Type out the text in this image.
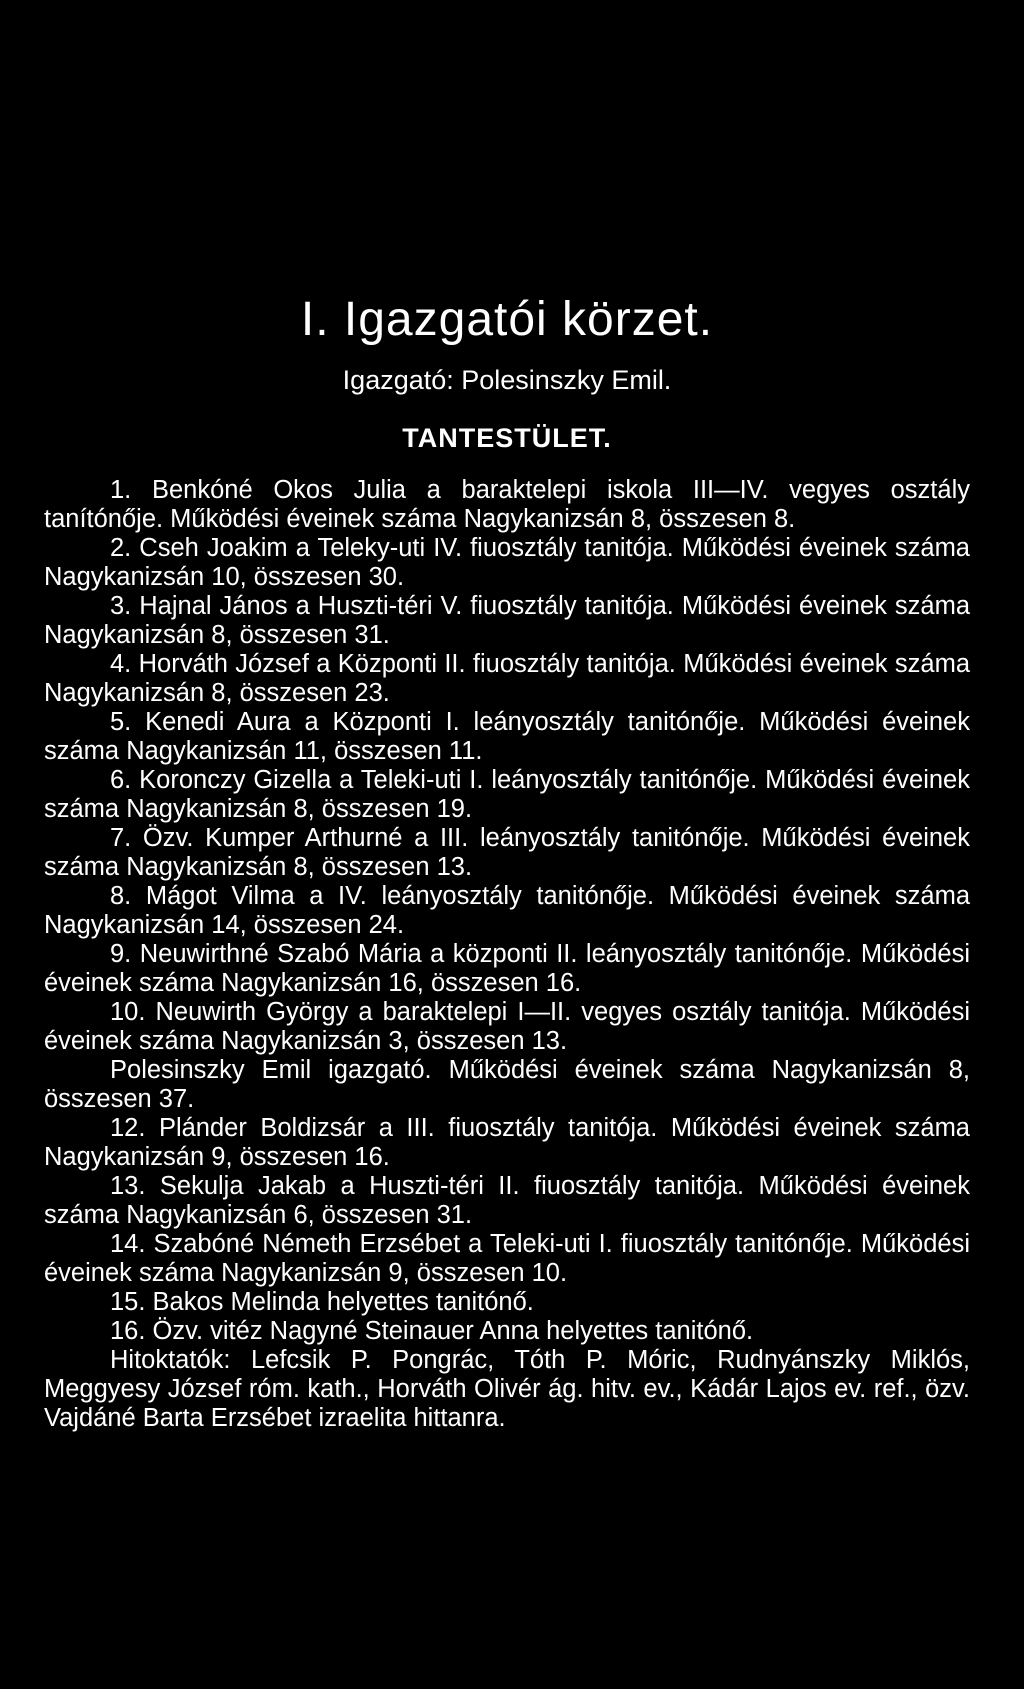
I. Igazgatói körzet.
Igazgató: Polesinszky Emil.
TANTESTÜLET.

1. Benkóné Okos Julia a baraktelepi iskola III—IV. vegyes osztály tanítónője. Működési éveinek száma Nagykanizsán 8, összesen 8.

2. Cseh Joakim a Teleky-uti IV. fiuosztály tanitója. Működési éveinek száma Nagykanizsán 10, összesen 30.

3. Hajnal János a Huszti-téri V. fiuosztály tanitója. Működési éveinek száma Nagykanizsán 8, összesen 31.

4. Horváth József a Központi II. fiuosztály tanitója. Működési éveinek száma Nagykanizsán 8, összesen 23.

5. Kenedi Aura a Központi I. leányosztály tanitónője. Működési éveinek száma Nagykanizsán 11, összesen 11.

6. Koronczy Gizella a Teleki-uti I. leányosztály tanitónője. Működési éveinek száma Nagykanizsán 8, összesen 19.

7. Özv. Kumper Arthurné a III. leányosztály tanitónője. Működési éveinek száma Nagykanizsán 8, összesen 13.

8. Mágot Vilma a IV. leányosztály tanitónője. Működési éveinek száma Nagykanizsán 14, összesen 24.

9. Neuwirthné Szabó Mária a központi II. leányosztály tanitónője. Működési éveinek száma Nagykanizsán 16, összesen 16.

10. Neuwirth György a baraktelepi I—II. vegyes osztály tanitója. Működési éveinek száma Nagykanizsán 3, összesen 13.

Polesinszky Emil igazgató. Működési éveinek száma Nagykanizsán 8, összesen 37.

12. Plánder Boldizsár a III. fiuosztály tanitója. Működési éveinek száma Nagykanizsán 9, összesen 16.

13. Sekulja Jakab a Huszti-téri II. fiuosztály tanitója. Működési éveinek száma Nagykanizsán 6, összesen 31.

14. Szabóné Németh Erzsébet a Teleki-uti I. fiuosztály tanitónője. Működési éveinek száma Nagykanizsán 9, összesen 10.

15. Bakos Melinda helyettes tanitónő.

16. Özv. vitéz Nagyné Steinauer Anna helyettes tanitónő.

Hitoktatók: Lefcsik P. Pongrác, Tóth P. Móric, Rudnyánszky Miklós, Meggyesy József róm. kath., Horváth Olivér ág. hitv. ev., Kádár Lajos ev. ref., özv. Vajdáné Barta Erzsébet izraelita hittanra.
